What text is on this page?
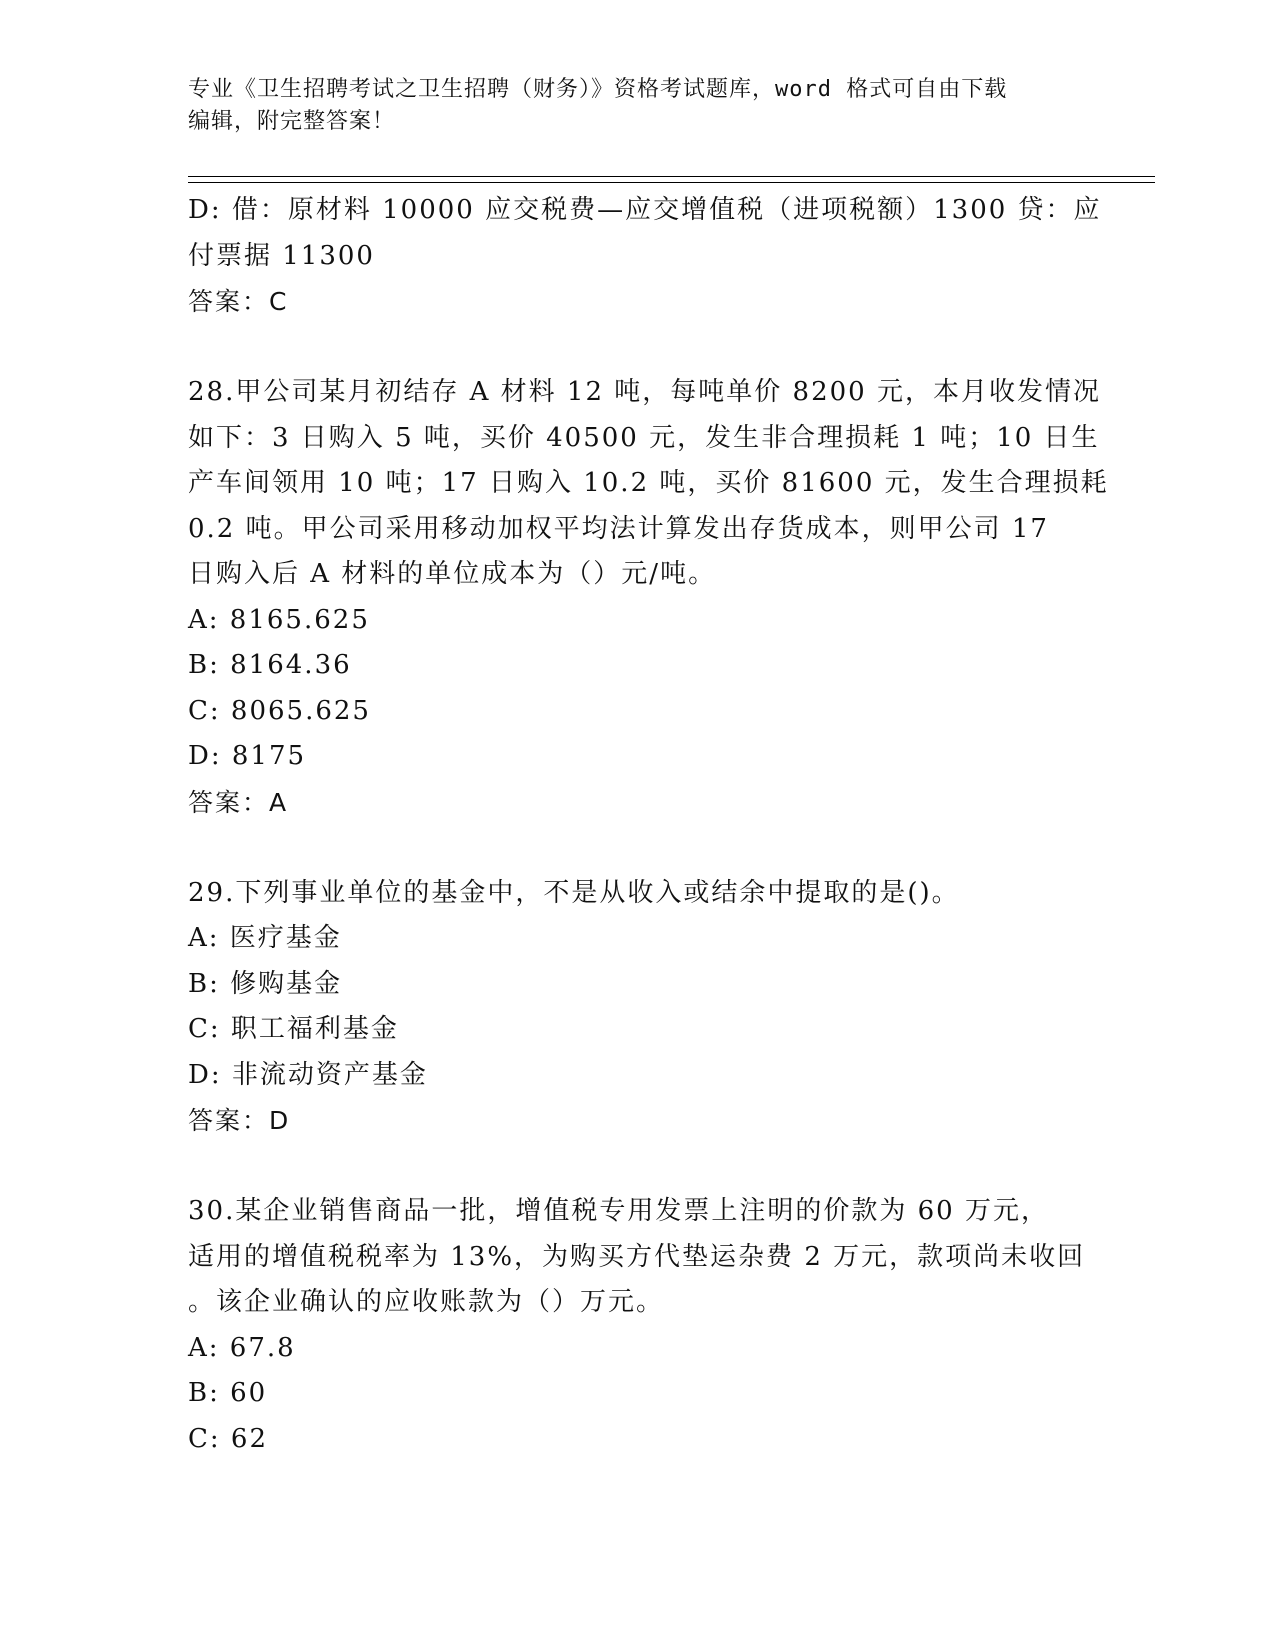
专业《卫生招聘考试之卫生招聘（财务）》资格考试题库，word 格式可自由下载
编辑，附完整答案！
D: 借：原材料 10000 应交税费—应交增值税（进项税额）1300 贷：应
付票据 11300
答案：C
28.甲公司某月初结存 A 材料 12 吨，每吨单价 8200 元，本月收发情况
如下：3 日购入 5 吨，买价 40500 元，发生非合理损耗 1 吨；10 日生
产车间领用 10 吨；17 日购入 10.2 吨，买价 81600 元，发生合理损耗
0.2 吨。甲公司采用移动加权平均法计算发出存货成本，则甲公司 17
日购入后 A 材料的单位成本为（）元/吨。
A: 8165.625
B: 8164.36
C: 8065.625
D: 8175
答案：A
29.下列事业单位的基金中，不是从收入或结余中提取的是()。
A: 医疗基金
B: 修购基金
C: 职工福利基金
D: 非流动资产基金
答案：D
30.某企业销售商品一批，增值税专用发票上注明的价款为 60 万元，
适用的增值税税率为 13%，为购买方代垫运杂费 2 万元，款项尚未收回
。该企业确认的应收账款为（）万元。
A: 67.8
B: 60
C: 62
